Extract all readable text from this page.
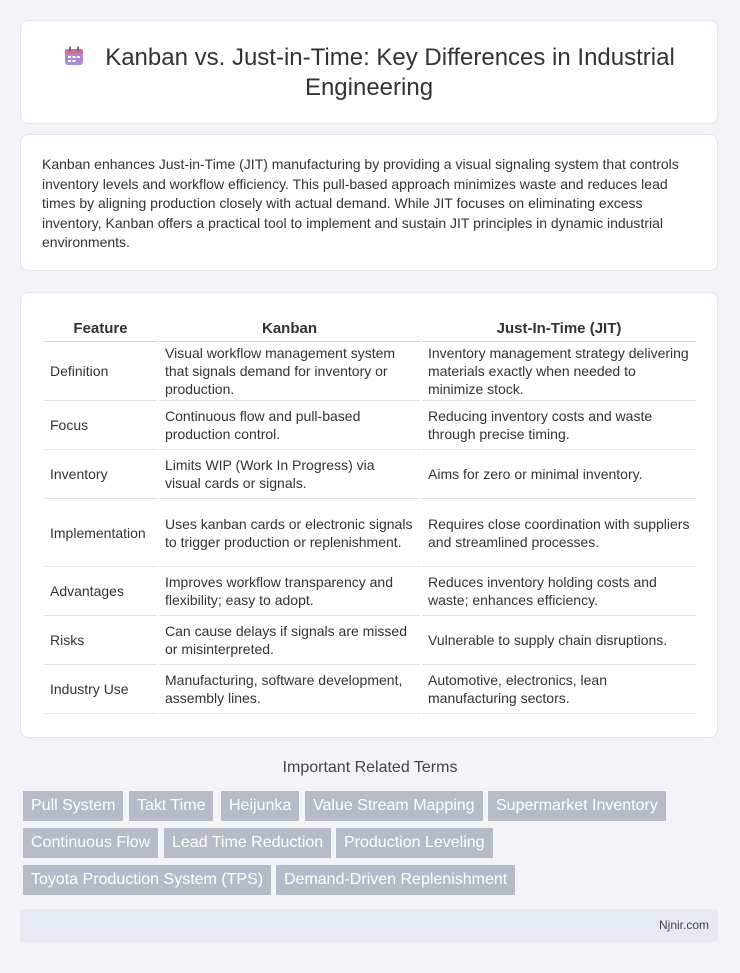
Kanban vs. Just-in-Time: Key Differences in Industrial Engineering

Kanban enhances Just-in-Time (JIT) manufacturing by providing a visual signaling system that controls inventory levels and workflow efficiency. This pull-based approach minimizes waste and reduces lead times by aligning production closely with actual demand. While JIT focuses on eliminating excess inventory, Kanban offers a practical tool to implement and sustain JIT principles in dynamic industrial environments.

Feature	Kanban	Just-In-Time (JIT)
Definition	Visual workflow management system that signals demand for inventory or production.	Inventory management strategy delivering materials exactly when needed to minimize stock.
Focus	Continuous flow and pull-based production control.	Reducing inventory costs and waste through precise timing.
Inventory	Limits WIP (Work In Progress) via visual cards or signals.	Aims for zero or minimal inventory.
Implementation	Uses kanban cards or electronic signals to trigger production or replenishment.	Requires close coordination with suppliers and streamlined processes.
Advantages	Improves workflow transparency and flexibility; easy to adopt.	Reduces inventory holding costs and waste; enhances efficiency.
Risks	Can cause delays if signals are missed or misinterpreted.	Vulnerable to supply chain disruptions.
Industry Use	Manufacturing, software development, assembly lines.	Automotive, electronics, lean manufacturing sectors.
Important Related Terms
Pull System	Takt Time	Heijunka	Value Stream Mapping	Supermarket Inventory
Continuous Flow	Lead Time Reduction	Production Leveling
Toyota Production System (TPS)	Demand-Driven Replenishment
Njnir.com
